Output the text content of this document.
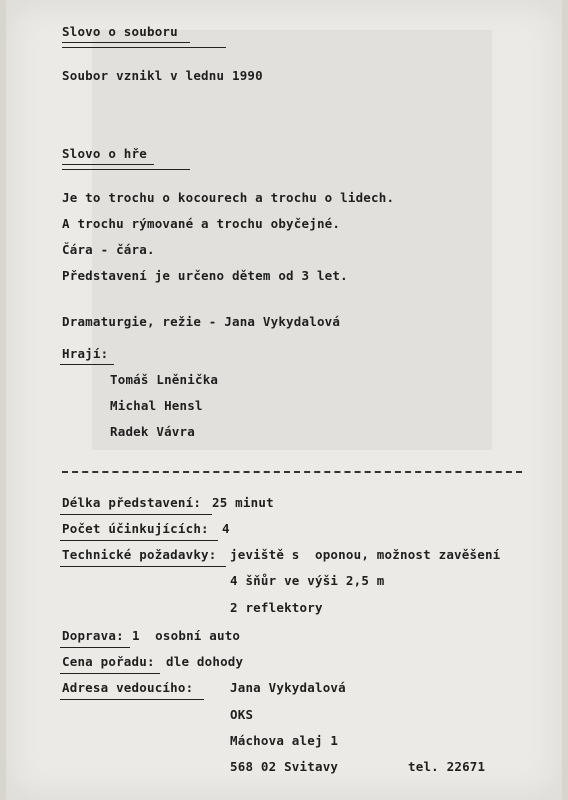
Slovo o souboru
Soubor vznikl v lednu 1990
Slovo o hře
Je to trochu o kocourech a trochu o lidech.
A trochu rýmované a trochu obyčejné.
Čára - čára.
Představení je určeno dětem od 3 let.
Dramaturgie, režie - Jana Vykydalová
Hrají:
Tomáš Lněnička
Michal Hensl
Radek Vávra
Délka představení: 25 minut
Počet účinkujících: 4
Technické požadavky: jeviště s  oponou, možnost zavěšení
4 šňůr ve výši 2,5 m
2 reflektory
Doprava: 1  osobní auto
Cena pořadu: dle dohody
Adresa vedoucího:	Jana Vykydalová
OKS
Máchova alej 1
568 02 Svitavy	tel. 22671
